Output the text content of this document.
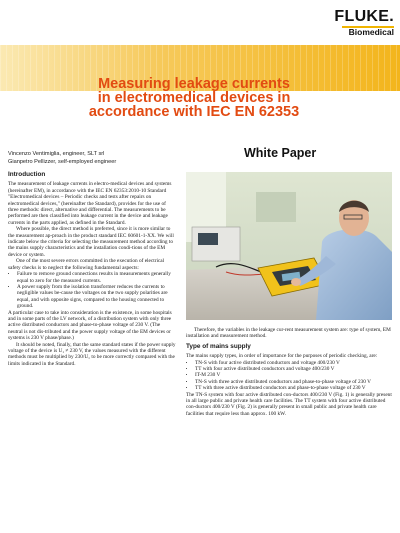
FLUKE.
Biomedical
Measuring leakage currents
in electromedical devices in
accordance with IEC EN 62353
White Paper
Vincenzo Ventimiglia, engineer, SLT srl
Gianpetro Pellizzer, self-employed engineer
Introduction

The measurement of leakage currents in electro-medical devices and systems (hereinafter EM), in accordance with the IEC EN 62353:2010-10 Standard "Electromedical devices – Periodic checks and tests after repairs on electromedical devices," (hereinafter the Standard), provides for the use of three methods: direct, alternative and differential. The measurements to be performed are then classified into leakage current in the device and leakage currents in the parts applied, as defined in the Standard.

Where possible, the direct method is preferred, since it is more similar to the measurement ap-proach in the product standard IEC 60601-1-XX. We will indicate below the criteria for selecting the measurement method according to the mains supply characteristics and the installation condi-tions of the EM device or system.

One of the most severe errors committed in the execution of electrical safety checks is to neglect the following fundamental aspects:

• Failure to remove ground connections results in measurements generally equal to zero for the measured currents.
• A power supply from the isolation transformer reduces the currents to negligible values be-cause the voltages on the two supply polarities are equal, and with opposite signs, compared to the housing connected to ground.

A particular case to take into consideration is the existence, in some hospitals and in some parts of the LV network, of a distribution system with only three active distributed conductors and phase-to-phase voltage of 230 V. (The neutral is not dis-tributed and the power supply voltage of the EM devices or systems is 230 V phase/phase.)

It should be noted, finally, that the same standard states if the power supply voltage of the device is U₁ ≠ 230 V, the values measured with the different methods must be multiplied by 230/U₁ to be more correctly compared with the limits indicated in the Standard.

Therefore, the variables in the leakage cur-rent measurement system are: type of system, EM installation and measurement method.

Type of mains supply

The mains supply types, in order of importance for the purposes of periodic checking, are:

• TN-S with four active distributed conductors and voltage 400/230 V
• TT with four active distributed conductors and voltage 400/230 V
• IT-M 230 V
• TN-S with three active distributed conductors and phase-to-phase voltage of 230 V
• TT with three active distributed conductors and phase-to-phase voltage of 230 V

The TN-S system with four active distributed con-ductors 400/230 V (Fig. 1) is generally present in all large public and private health care facilities. The TT system with four active distributed con-ductors 400/230 V (Fig. 2) is generally present in small public and private health care facilities that require less than approx. 100 kW.
